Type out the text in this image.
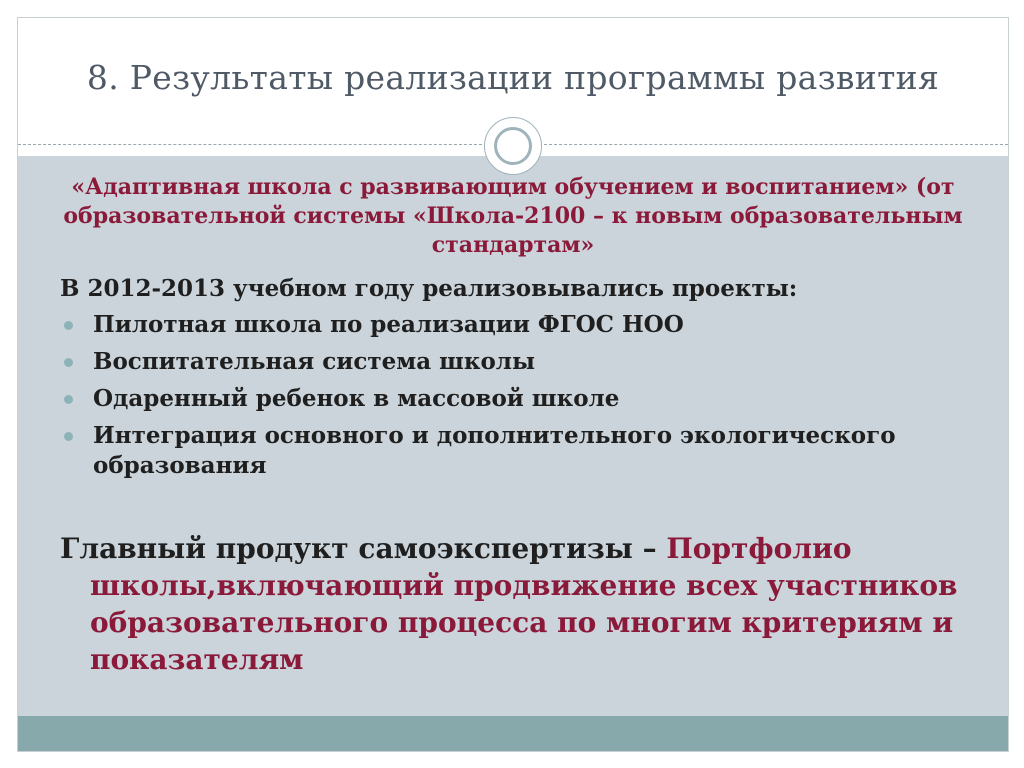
8. Результаты реализации программы развития
«Адаптивная школа с развивающим обучением и воспитанием» (от образовательной системы «Школа-2100 – к новым образовательным стандартам»
В 2012-2013 учебном году реализовывались проекты:
Пилотная школа по реализации ФГОС НОО
Воспитательная система школы
Одаренный ребенок в массовой школе
Интеграция основного и дополнительного экологического образования
Главный продукт самоэкспертизы – Портфолио школы,включающий продвижение всех участников образовательного процесса по многим критериям и показателям
